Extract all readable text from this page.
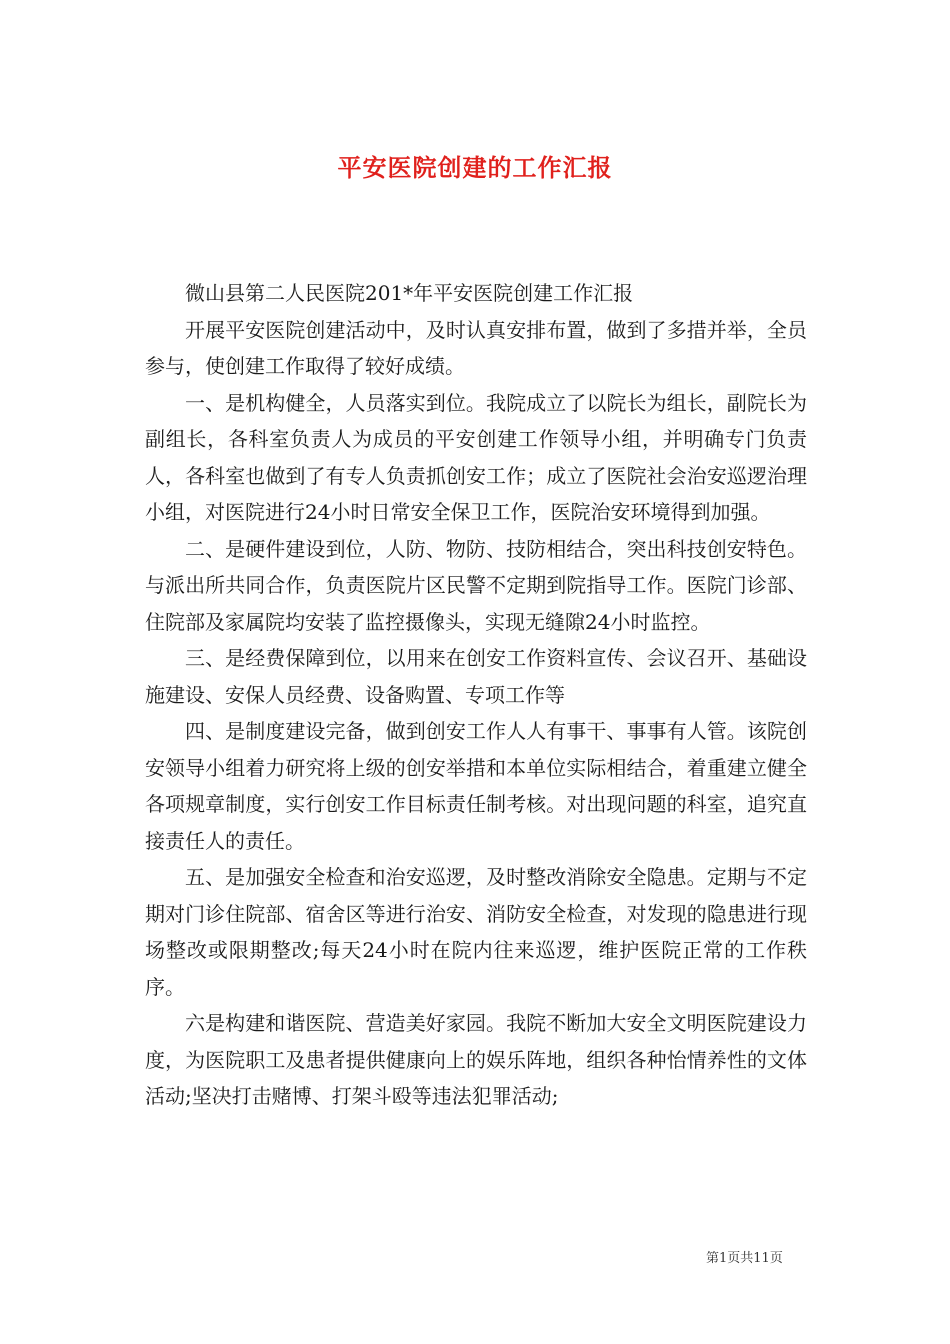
平安医院创建的工作汇报

微山县第二人民医院201*年平安医院创建工作汇报

开展平安医院创建活动中，及时认真安排布置，做到了多措并举，全员参与，使创建工作取得了较好成绩。

一、是机构健全，人员落实到位。我院成立了以院长为组长，副院长为副组长，各科室负责人为成员的平安创建工作领导小组，并明确专门负责人，各科室也做到了有专人负责抓创安工作；成立了医院社会治安巡逻治理小组，对医院进行24小时日常安全保卫工作，医院治安环境得到加强。

二、是硬件建设到位，人防、物防、技防相结合，突出科技创安特色。与派出所共同合作，负责医院片区民警不定期到院指导工作。医院门诊部、住院部及家属院均安装了监控摄像头，实现无缝隙24小时监控。

三、是经费保障到位，以用来在创安工作资料宣传、会议召开、基础设施建设、安保人员经费、设备购置、专项工作等

四、是制度建设完备，做到创安工作人人有事干、事事有人管。该院创安领导小组着力研究将上级的创安举措和本单位实际相结合，着重建立健全各项规章制度，实行创安工作目标责任制考核。对出现问题的科室，追究直接责任人的责任。

五、是加强安全检查和治安巡逻，及时整改消除安全隐患。定期与不定期对门诊住院部、宿舍区等进行治安、消防安全检查，对发现的隐患进行现场整改或限期整改;每天24小时在院内往来巡逻，维护医院正常的工作秩序。

六是构建和谐医院、营造美好家园。我院不断加大安全文明医院建设力度，为医院职工及患者提供健康向上的娱乐阵地，组织各种怡情养性的文体活动;坚决打击赌博、打架斗殴等违法犯罪活动;

第1页共11页
